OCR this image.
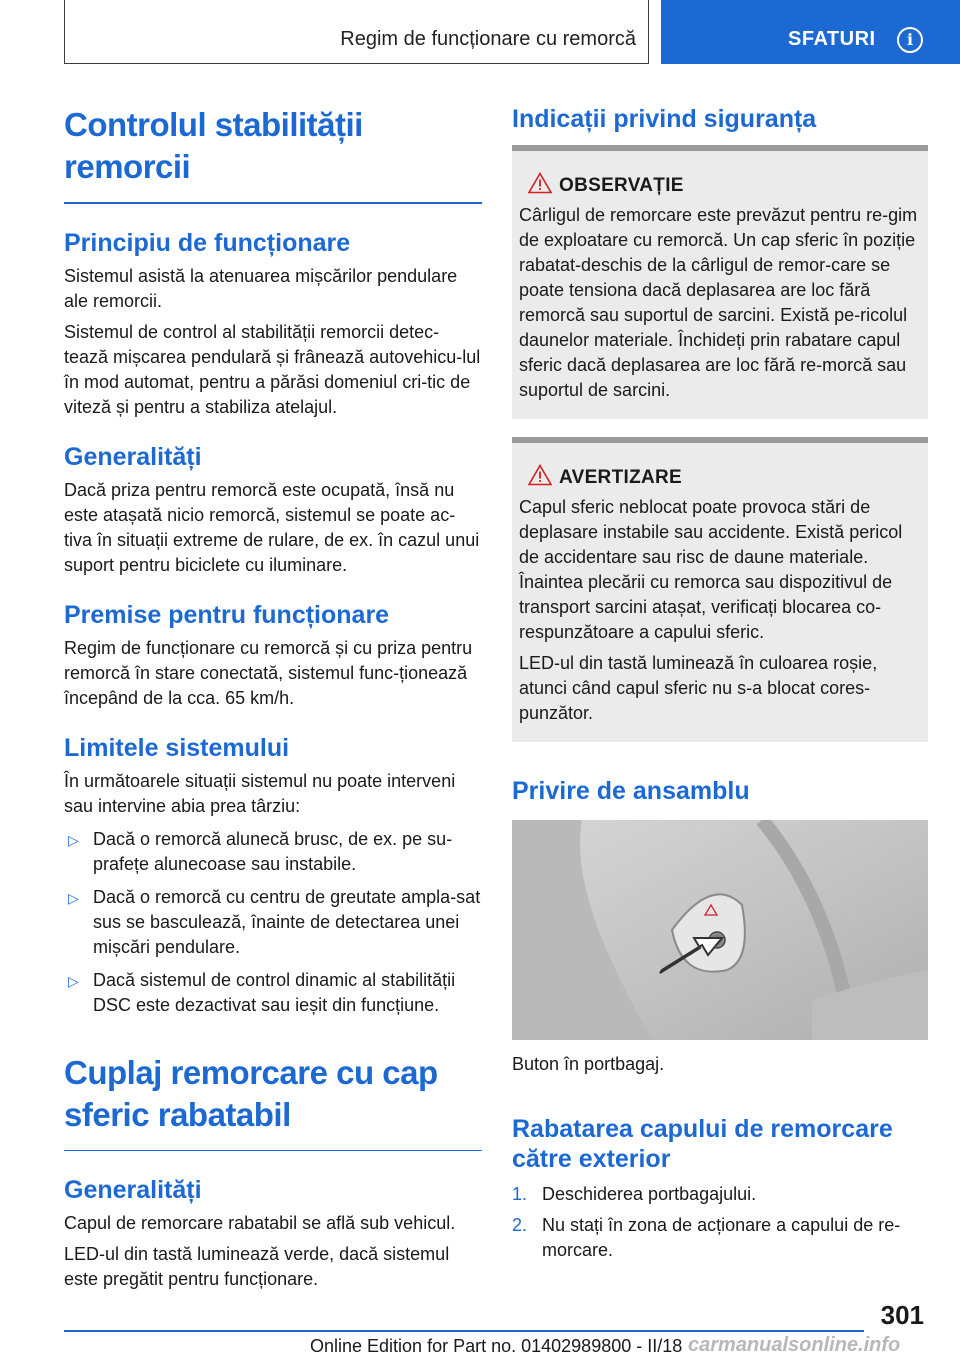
Regim de funcționare cu remorcă	SFATURI	i
Controlul stabilității remorcii
Principiu de funcționare

Sistemul asistă la atenuarea mișcărilor pendulare ale remorcii.

Sistemul de control al stabilității remorcii detec-tează mișcarea pendulară și frânează autovehicu-lul în mod automat, pentru a părăsi domeniul cri-tic de viteză și pentru a stabiliza atelajul.

Generalități

Dacă priza pentru remorcă este ocupată, însă nu este atașată nicio remorcă, sistemul se poate ac-tiva în situații extreme de rulare, de ex. în cazul unui suport pentru biciclete cu iluminare.

Premise pentru funcționare

Regim de funcționare cu remorcă și cu priza pentru remorcă în stare conectată, sistemul func-ționează începând de la cca. 65 km/h.

Limitele sistemului

În următoarele situații sistemul nu poate interveni sau intervine abia prea târziu:

▷ Dacă o remorcă alunecă brusc, de ex. pe su-prafețe alunecoase sau instabile.
▷ Dacă o remorcă cu centru de greutate ampla-sat sus se basculează, înainte de detectarea unei mișcări pendulare.
▷ Dacă sistemul de control dinamic al stabilității DSC este dezactivat sau ieșit din funcțiune.
Cuplaj remorcare cu cap sferic rabatabil
Generalități

Capul de remorcare rabatabil se află sub vehicul.

LED-ul din tastă luminează verde, dacă sistemul este pregătit pentru funcționare.

Indicații privind siguranța
OBSERVAȚIE

Cârligul de remorcare este prevăzut pentru re-gim de exploatare cu remorcă. Un cap sferic în poziție rabatat-deschis de la cârligul de remor-care se poate tensiona dacă deplasarea are loc fără remorcă sau suportul de sarcini. Există pe-ricolul daunelor materiale. Închideți prin rabatare capul sferic dacă deplasarea are loc fără re-morcă sau suportul de sarcini.

AVERTIZARE

Capul sferic neblocat poate provoca stări de deplasare instabile sau accidente. Există pericol de accidentare sau risc de daune materiale. Înaintea plecării cu remorca sau dispozitivul de transport sarcini atașat, verificați blocarea co-respunzătoare a capului sferic.

LED-ul din tastă luminează în culoarea roșie, atunci când capul sferic nu s-a blocat cores-punzător.

Privire de ansamblu
Buton în portbagaj.
Rabatarea capului de remorcare către exterior
1. Deschiderea portbagajului.
2. Nu stați în zona de acționare a capului de re-morcare.
301
Online Edition for Part no. 01402989800 - II/18 carmanualsonline.info
